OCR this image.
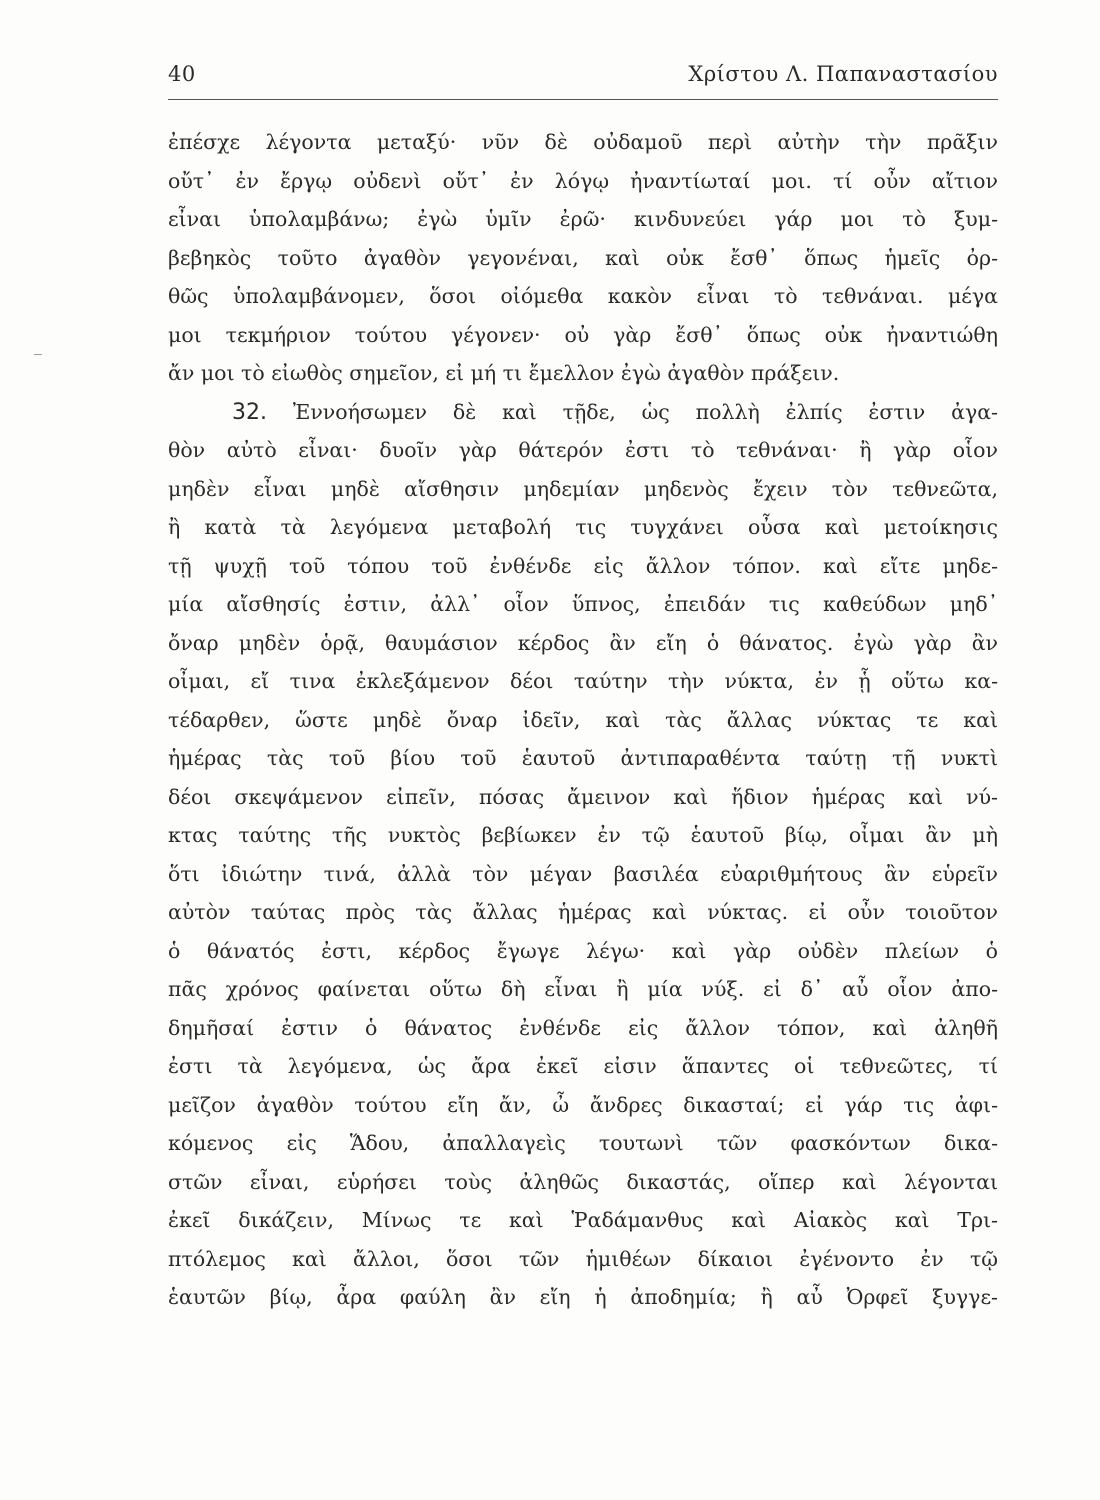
40	Χρίστου Λ. Παπαναστασίου
ἐπέσχε λέγοντα μεταξύ· νῦν δὲ οὐδαμοῦ περὶ αὐτὴν τὴν πρᾶξιν
οὔτ᾽ ἐν ἔργῳ οὐδενὶ οὔτ᾽ ἐν λόγῳ ἠναντίωταί μοι. τί οὖν αἴτιον
εἶναι ὑπολαμβάνω; ἐγὼ ὑμῖν ἐρῶ· κινδυνεύει γάρ μοι τὸ ξυμ-
βεβηκὸς τοῦτο ἀγαθὸν γεγονέναι, καὶ οὐκ ἔσθ᾽ ὅπως ἡμεῖς ὀρ-
θῶς ὑπολαμβάνομεν, ὅσοι οἰόμεθα κακὸν εἶναι τὸ τεθνάναι. μέγα
μοι τεκμήριον τούτου γέγονεν· οὐ γὰρ ἔσθ᾽ ὅπως οὐκ ἠναντιώθη
ἄν μοι τὸ εἰωθὸς σημεῖον, εἰ μή τι ἔμελλον ἐγὼ ἀγαθὸν πράξειν.
32. Ἐννοήσωμεν δὲ καὶ τῇδε, ὡς πολλὴ ἐλπίς ἐστιν ἀγα-
θὸν αὐτὸ εἶναι· δυοῖν γὰρ θάτερόν ἐστι τὸ τεθνάναι· ἢ γὰρ οἷον
μηδὲν εἶναι μηδὲ αἴσθησιν μηδεμίαν μηδενὸς ἔχειν τὸν τεθνεῶτα,
ἢ κατὰ τὰ λεγόμενα μεταβολή τις τυγχάνει οὖσα καὶ μετοίκησις
τῇ ψυχῇ τοῦ τόπου τοῦ ἐνθένδε εἰς ἄλλον τόπον. καὶ εἴτε μηδε-
μία αἴσθησίς ἐστιν, ἀλλ᾽ οἷον ὕπνος, ἐπειδάν τις καθεύδων μηδ᾽
ὄναρ μηδὲν ὁρᾷ, θαυμάσιον κέρδος ἂν εἴη ὁ θάνατος. ἐγὼ γὰρ ἂν
οἶμαι, εἴ τινα ἐκλεξάμενον δέοι ταύτην τὴν νύκτα, ἐν ᾗ οὕτω κα-
τέδαρθεν, ὥστε μηδὲ ὄναρ ἰδεῖν, καὶ τὰς ἄλλας νύκτας τε καὶ
ἡμέρας τὰς τοῦ βίου τοῦ ἑαυτοῦ ἀντιπαραθέντα ταύτῃ τῇ νυκτὶ
δέοι σκεψάμενον εἰπεῖν, πόσας ἄμεινον καὶ ἥδιον ἡμέρας καὶ νύ-
κτας ταύτης τῆς νυκτὸς βεβίωκεν ἐν τῷ ἑαυτοῦ βίῳ, οἶμαι ἂν μὴ
ὅτι ἰδιώτην τινά, ἀλλὰ τὸν μέγαν βασιλέα εὐαριθμήτους ἂν εὑρεῖν
αὐτὸν ταύτας πρὸς τὰς ἄλλας ἡμέρας καὶ νύκτας. εἰ οὖν τοιοῦτον
ὁ θάνατός ἐστι, κέρδος ἔγωγε λέγω· καὶ γὰρ οὐδὲν πλείων ὁ
πᾶς χρόνος φαίνεται οὕτω δὴ εἶναι ἢ μία νύξ. εἰ δ᾽ αὖ οἷον ἀπο-
δημῆσαί ἐστιν ὁ θάνατος ἐνθένδε εἰς ἄλλον τόπον, καὶ ἀληθῆ
ἐστι τὰ λεγόμενα, ὡς ἄρα ἐκεῖ εἰσιν ἅπαντες οἱ τεθνεῶτες, τί
μεῖζον ἀγαθὸν τούτου εἴη ἄν, ὦ ἄνδρες δικασταί; εἰ γάρ τις ἀφι-
κόμενος εἰς Ἅδου, ἀπαλλαγεὶς τουτωνὶ τῶν φασκόντων δικα-
στῶν εἶναι, εὑρήσει τοὺς ἀληθῶς δικαστάς, οἵπερ καὶ λέγονται
ἐκεῖ δικάζειν, Μίνως τε καὶ Ῥαδάμανθυς καὶ Αἰακὸς καὶ Τρι-
πτόλεμος καὶ ἄλλοι, ὅσοι τῶν ἡμιθέων δίκαιοι ἐγένοντο ἐν τῷ
ἑαυτῶν βίῳ, ἆρα φαύλη ἂν εἴη ἡ ἀποδημία; ἢ αὖ Ὀρφεῖ ξυγγε-
